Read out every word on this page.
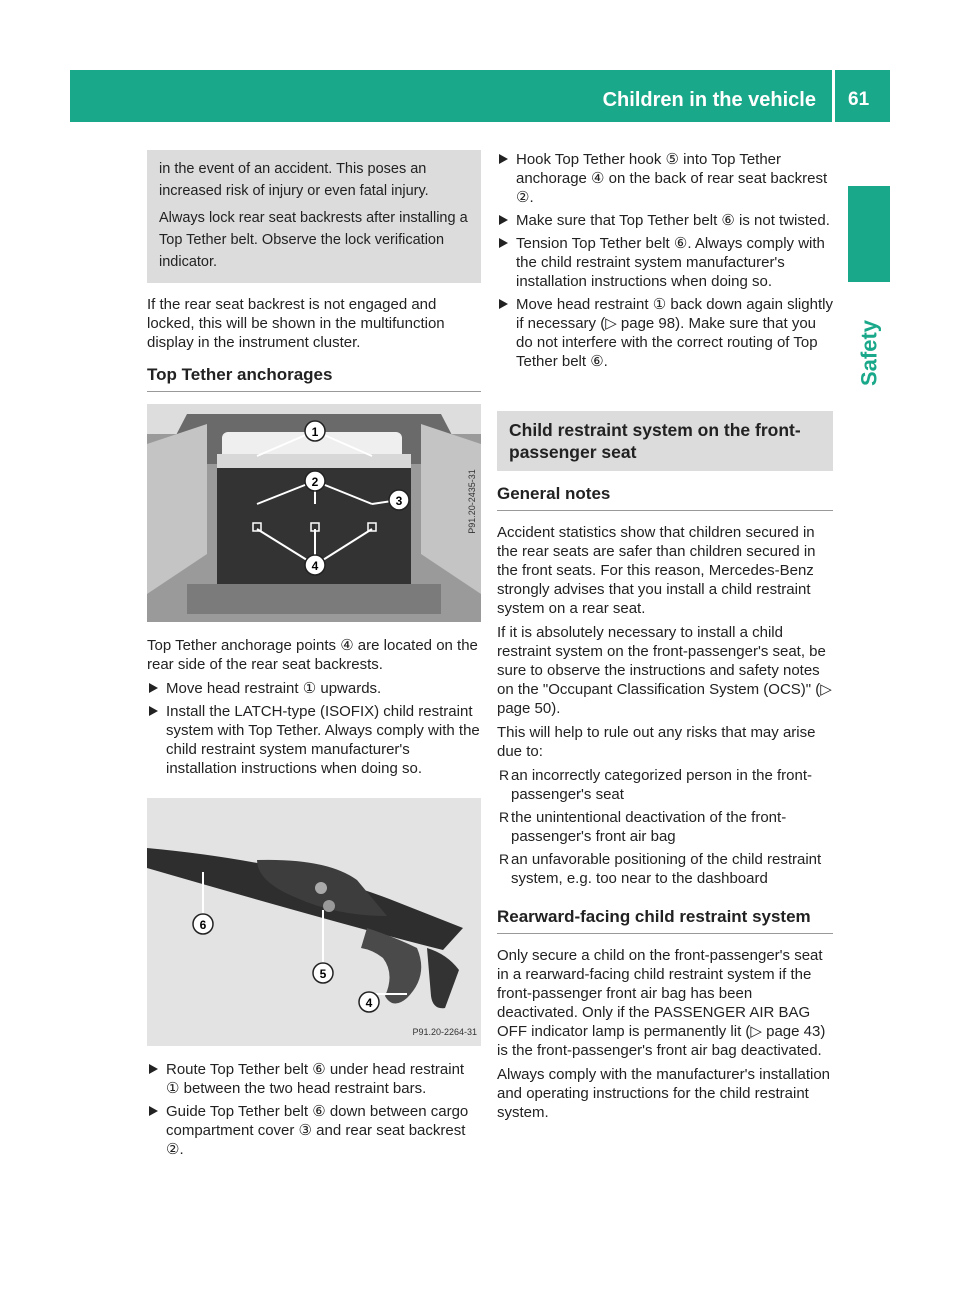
Children in the vehicle 61
Safety

in the event of an accident. This poses an increased risk of injury or even fatal injury.

Always lock rear seat backrests after installing a Top Tether belt. Observe the lock verification indicator.

If the rear seat backrest is not engaged and locked, this will be shown in the multifunction display in the instrument cluster.

Top Tether anchorages
1
2
3
4
P91.20-2435-31

Top Tether anchorage points ④ are located on the rear side of the rear seat backrests.

Move head restraint ① upwards.
Install the LATCH-type (ISOFIX) child restraint system with Top Tether. Always comply with the child restraint system manufacturer's installation instructions when doing so.
6
5
4
P91.20-2264-31
Route Top Tether belt ⑥ under head restraint ① between the two head restraint bars.
Guide Top Tether belt ⑥ down between cargo compartment cover ③ and rear seat backrest ②.
Hook Top Tether hook ⑤ into Top Tether anchorage ④ on the back of rear seat backrest ②.
Make sure that Top Tether belt ⑥ is not twisted.
Tension Top Tether belt ⑥. Always comply with the child restraint system manufacturer's installation instructions when doing so.
Move head restraint ① back down again slightly if necessary (▷ page 98). Make sure that you do not interfere with the correct routing of Top Tether belt ⑥.
Child restraint system on the front-passenger seat
General notes

Accident statistics show that children secured in the rear seats are safer than children secured in the front seats. For this reason, Mercedes-Benz strongly advises that you install a child restraint system on a rear seat.

If it is absolutely necessary to install a child restraint system on the front-passenger's seat, be sure to observe the instructions and safety notes on the "Occupant Classification System (OCS)" (▷ page 50).

This will help to rule out any risks that may arise due to:

R an incorrectly categorized person in the front-passenger's seat
R the unintentional deactivation of the front-passenger's front air bag
R an unfavorable positioning of the child restraint system, e.g. too near to the dashboard
Rearward-facing child restraint system

Only secure a child on the front-passenger's seat in a rearward-facing child restraint system if the front-passenger front air bag has been deactivated. Only if the PASSENGER AIR BAG OFF indicator lamp is permanently lit (▷ page 43) is the front-passenger's front air bag deactivated.

Always comply with the manufacturer's installation and operating instructions for the child restraint system.
